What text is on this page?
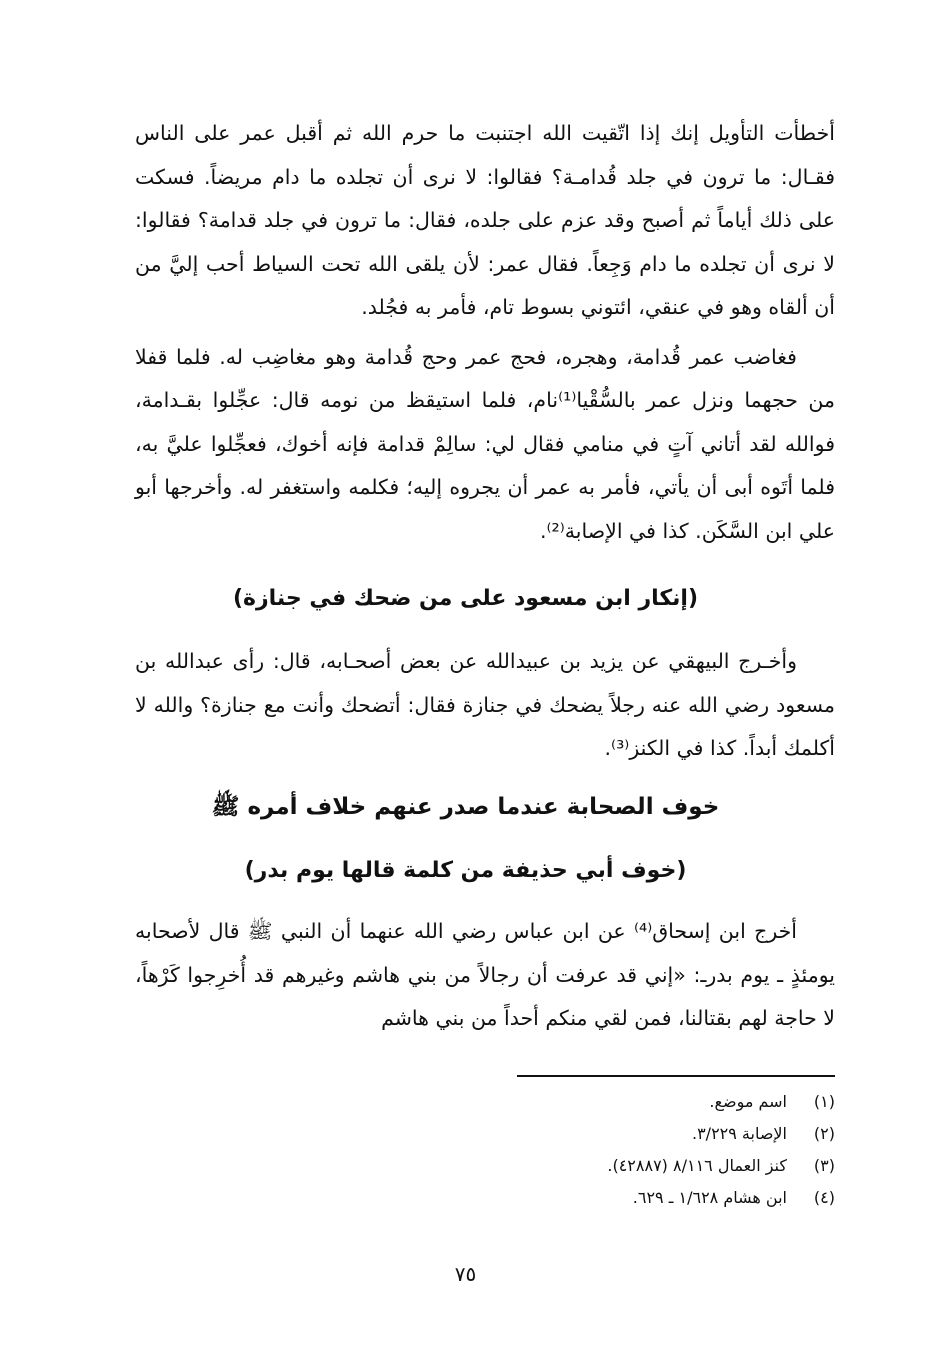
أخطأت التأويل إنك إذا اتّقيت الله اجتنبت ما حرم الله ثم أقبل عمر على الناس فقـال: ما ترون في جلد قُدامـة؟ فقالوا: لا نرى أن تجلده ما دام مريضاً. فسكت على ذلك أياماً ثم أصبح وقد عزم على جلده، فقال: ما ترون في جلد قدامة؟ فقالوا: لا نرى أن تجلده ما دام وَجِعاً. فقال عمر: لأن يلقى الله تحت السياط أحب إليَّ من أن ألقاه وهو في عنقي، ائتوني بسوط تام، فأمر به فجُلد.

فغاضب عمر قُدامة، وهجره، فحج عمر وحج قُدامة وهو مغاضِب له. فلما قفلا من حجهما ونزل عمر بالسُّقْيا⁽¹⁾نام، فلما استيقظ من نومه قال: عجِّلوا بقـدامة، فوالله لقد أتاني آتٍ في منامي فقال لي: سالِمْ قدامة فإنه أخوك، فعجِّلوا عليَّ به، فلما أتَوه أبى أن يأتي، فأمر به عمر أن يجروه إليه؛ فكلمه واستغفر له. وأخرجها أبو علي ابن السَّكَن. كذا في الإصابة⁽²⁾.

(إنكار ابن مسعود على من ضحك في جنازة)

وأخـرج البيهقي عن يزيد بن عبيدالله عن بعض أصحـابه، قال: رأى عبدالله بن مسعود رضي الله عنه رجلاً يضحك في جنازة فقال: أتضحك وأنت مع جنازة؟ والله لا أكلمك أبداً. كذا في الكنز⁽³⁾.

خوف الصحابة عندما صدر عنهم خلاف أمره ﷺ
(خوف أبي حذيفة من كلمة قالها يوم بدر)

أخرج ابن إسحاق⁽⁴⁾ عن ابن عباس رضي الله عنهما أن النبي ﷺ قال لأصحابه يومئذٍ ـ يوم بدرـ: «إني قد عرفت أن رجالاً من بني هاشم وغيرهم قد أُخرِجوا كَرْهاً، لا حاجة لهم بقتالنا، فمن لقي منكم أحداً من بني هاشم

(١)
اسم موضع.
(٢)
الإصابة ٣/٢٢٩.
(٣)
كنز العمال ٨/١١٦ (٤٢٨٨٧).
(٤)
ابن هشام ١/٦٢٨ ـ ٦٢٩.
٧٥
